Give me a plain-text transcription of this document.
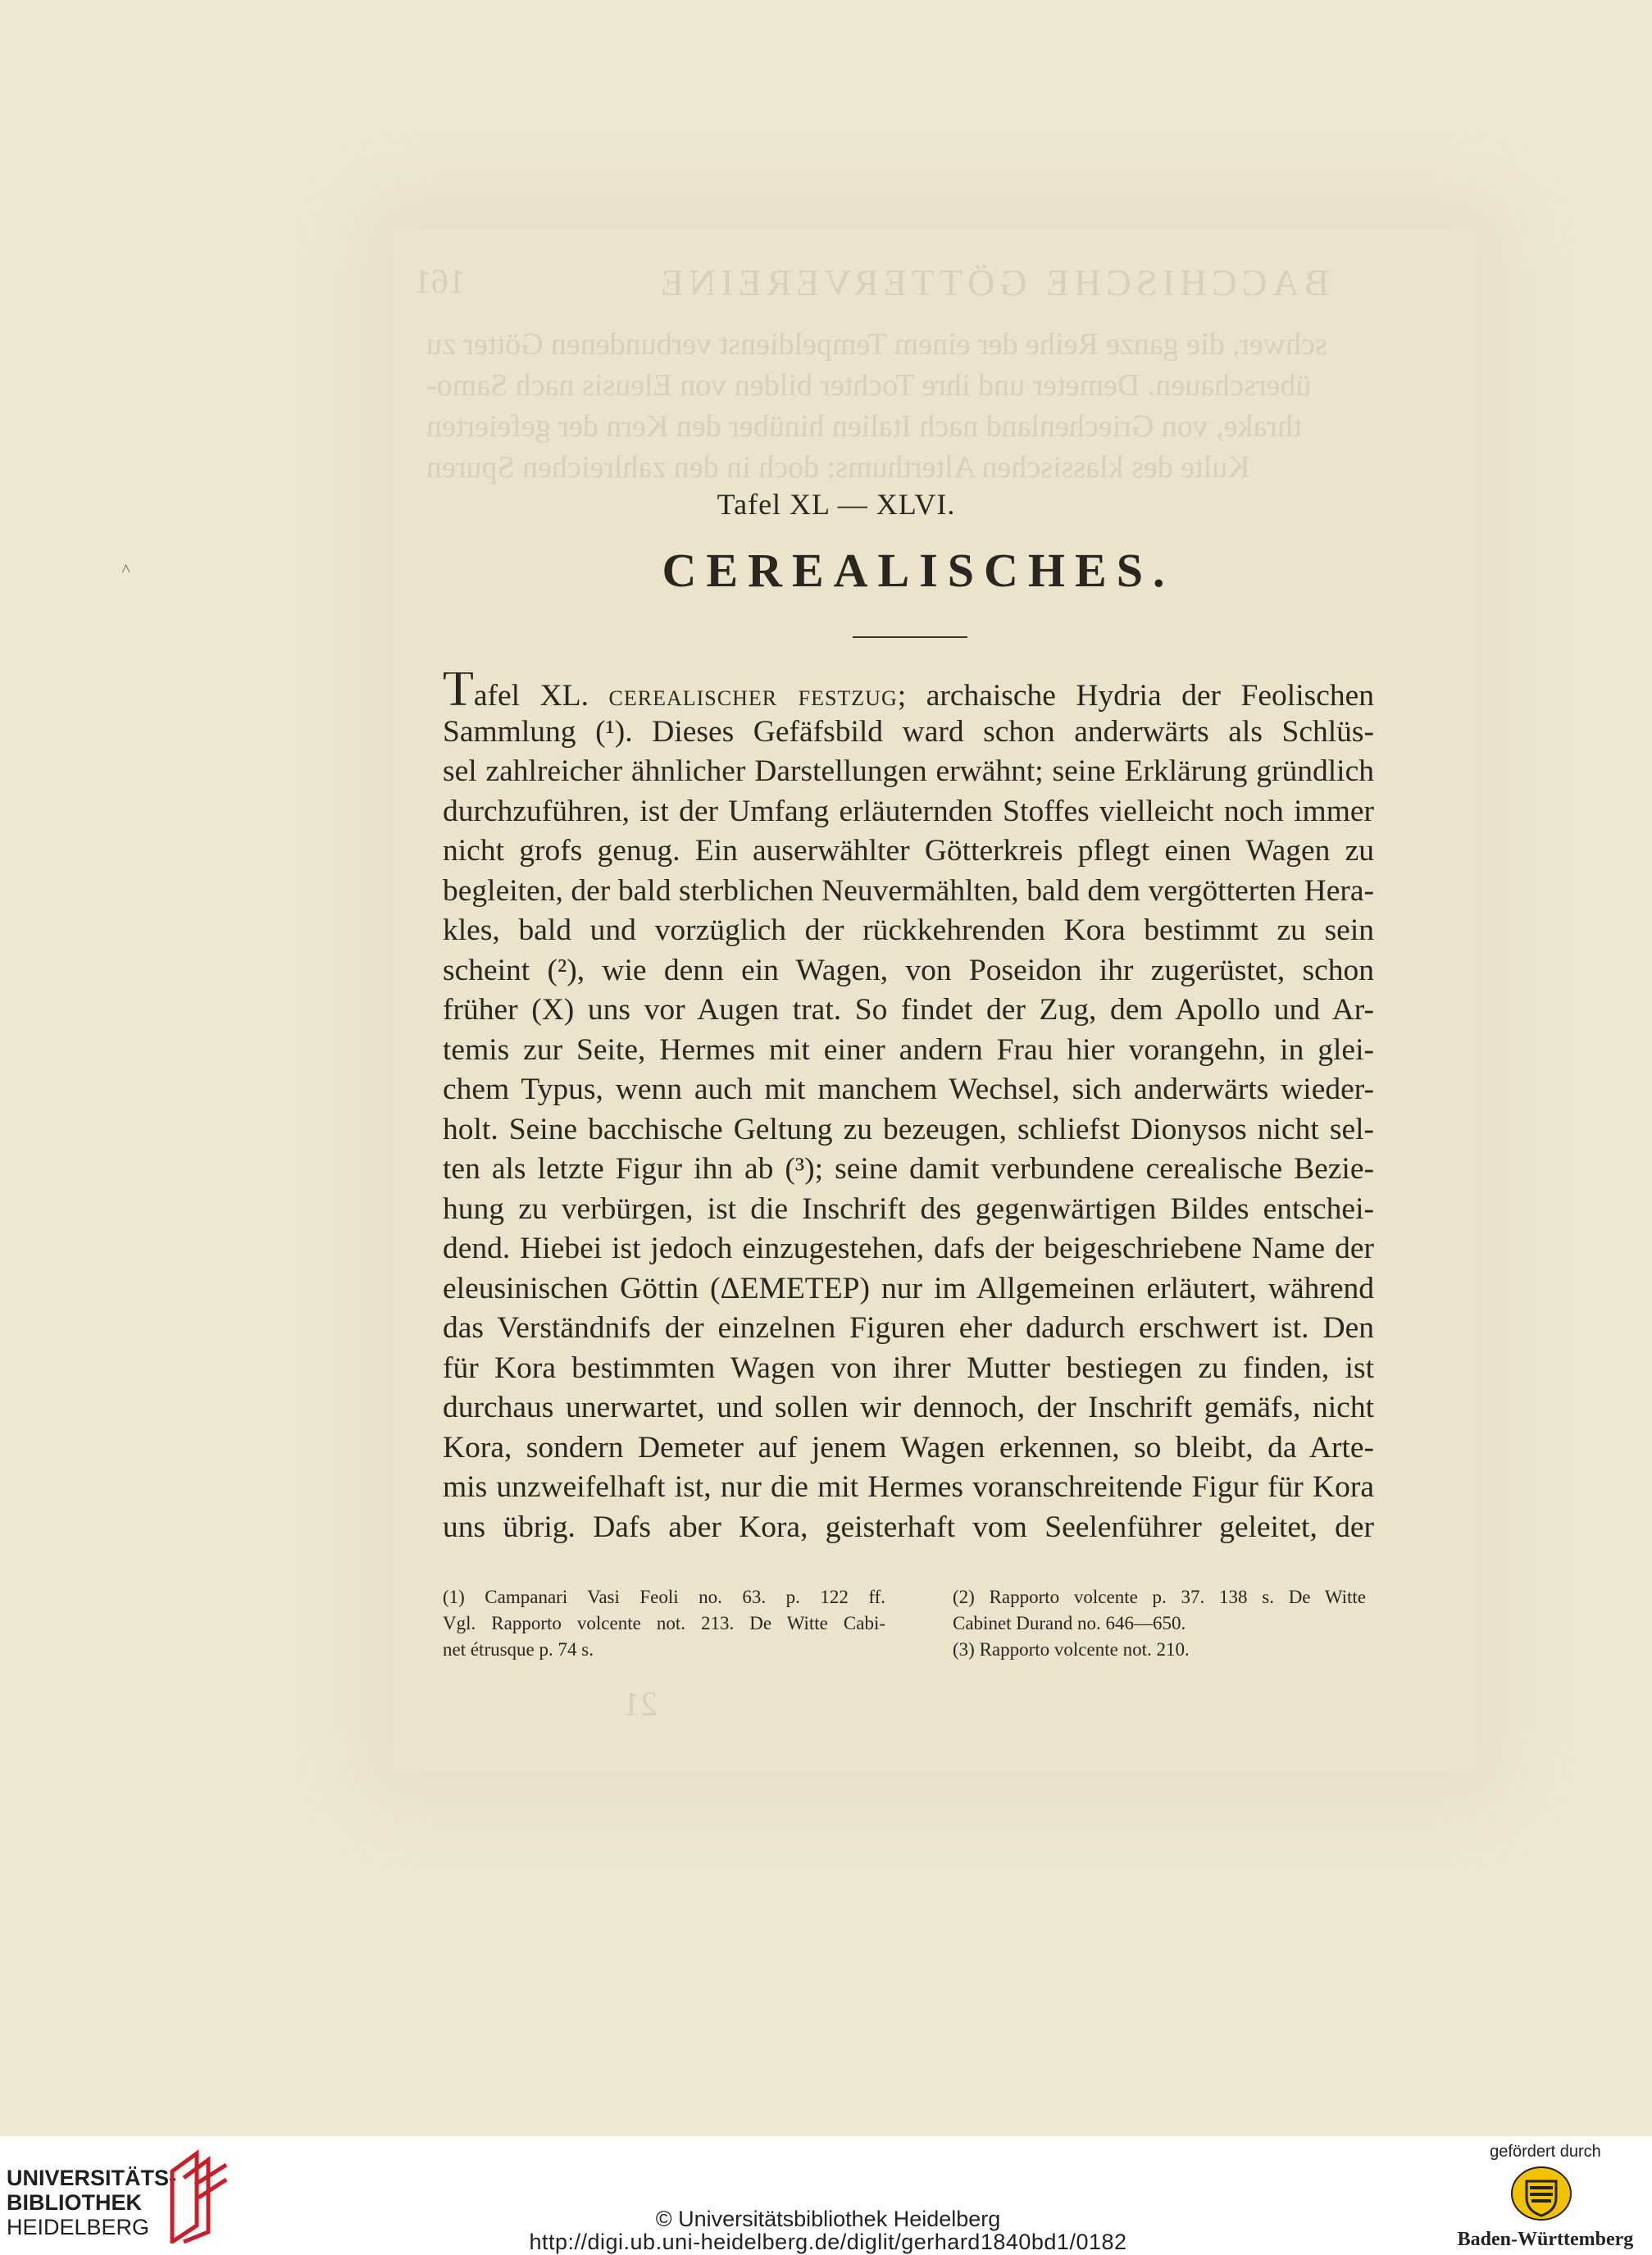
161	BACCHISCHE GÖTTERVEREINE
schwer, die ganze Reihe der einem Tempeldienst verbundenen Götter zu
überschauen. Demeter und ihre Tochter bilden von Eleusis nach Samo-
thrake, von Griechenland nach Italien hinüber den Kern der gefeierten
Kulte des klassischen Alterthums; doch in den zahlreichen Spuren
21
˄
Tafel XL — XLVI.
CEREALISCHES.
Tafel XL. cerealischer festzug; archaische Hydria der Feolischen
Sammlung (¹). Dieses Gefäfsbild ward schon anderwärts als Schlüs-
sel zahlreicher ähnlicher Darstellungen erwähnt; seine Erklärung gründlich
durchzuführen, ist der Umfang erläuternden Stoffes vielleicht noch immer
nicht grofs genug. Ein auserwählter Götterkreis pflegt einen Wagen zu
begleiten, der bald sterblichen Neuvermählten, bald dem vergötterten Hera-
kles, bald und vorzüglich der rückkehrenden Kora bestimmt zu sein
scheint (²), wie denn ein Wagen, von Poseidon ihr zugerüstet, schon
früher (X) uns vor Augen trat. So findet der Zug, dem Apollo und Ar-
temis zur Seite, Hermes mit einer andern Frau hier vorangehn, in glei-
chem Typus, wenn auch mit manchem Wechsel, sich anderwärts wieder-
holt. Seine bacchische Geltung zu bezeugen, schliefst Dionysos nicht sel-
ten als letzte Figur ihn ab (³); seine damit verbundene cerealische Bezie-
hung zu verbürgen, ist die Inschrift des gegenwärtigen Bildes entschei-
dend. Hiebei ist jedoch einzugestehen, dafs der beigeschriebene Name der
eleusinischen Göttin (ΔEMETEP) nur im Allgemeinen erläutert, während
das Verständnifs der einzelnen Figuren eher dadurch erschwert ist. Den
für Kora bestimmten Wagen von ihrer Mutter bestiegen zu finden, ist
durchaus unerwartet, und sollen wir dennoch, der Inschrift gemäfs, nicht
Kora, sondern Demeter auf jenem Wagen erkennen, so bleibt, da Arte-
mis unzweifelhaft ist, nur die mit Hermes voranschreitende Figur für Kora
uns übrig. Dafs aber Kora, geisterhaft vom Seelenführer geleitet, der
(1) Campanari Vasi Feoli no. 63. p. 122 ff.
Vgl. Rapporto volcente not. 213. De Witte Cabi-
net étrusque p. 74 s.
(2) Rapporto volcente p. 37. 138 s. De Witte
Cabinet Durand no. 646—650.
(3) Rapporto volcente not. 210.
UNIVERSITÄTS-
BIBLIOTHEK
HEIDELBERG	© Universitätsbibliothek Heidelberg
http://digi.ub.uni-heidelberg.de/diglit/gerhard1840bd1/0182
gefördert durch
Baden-Württemberg
